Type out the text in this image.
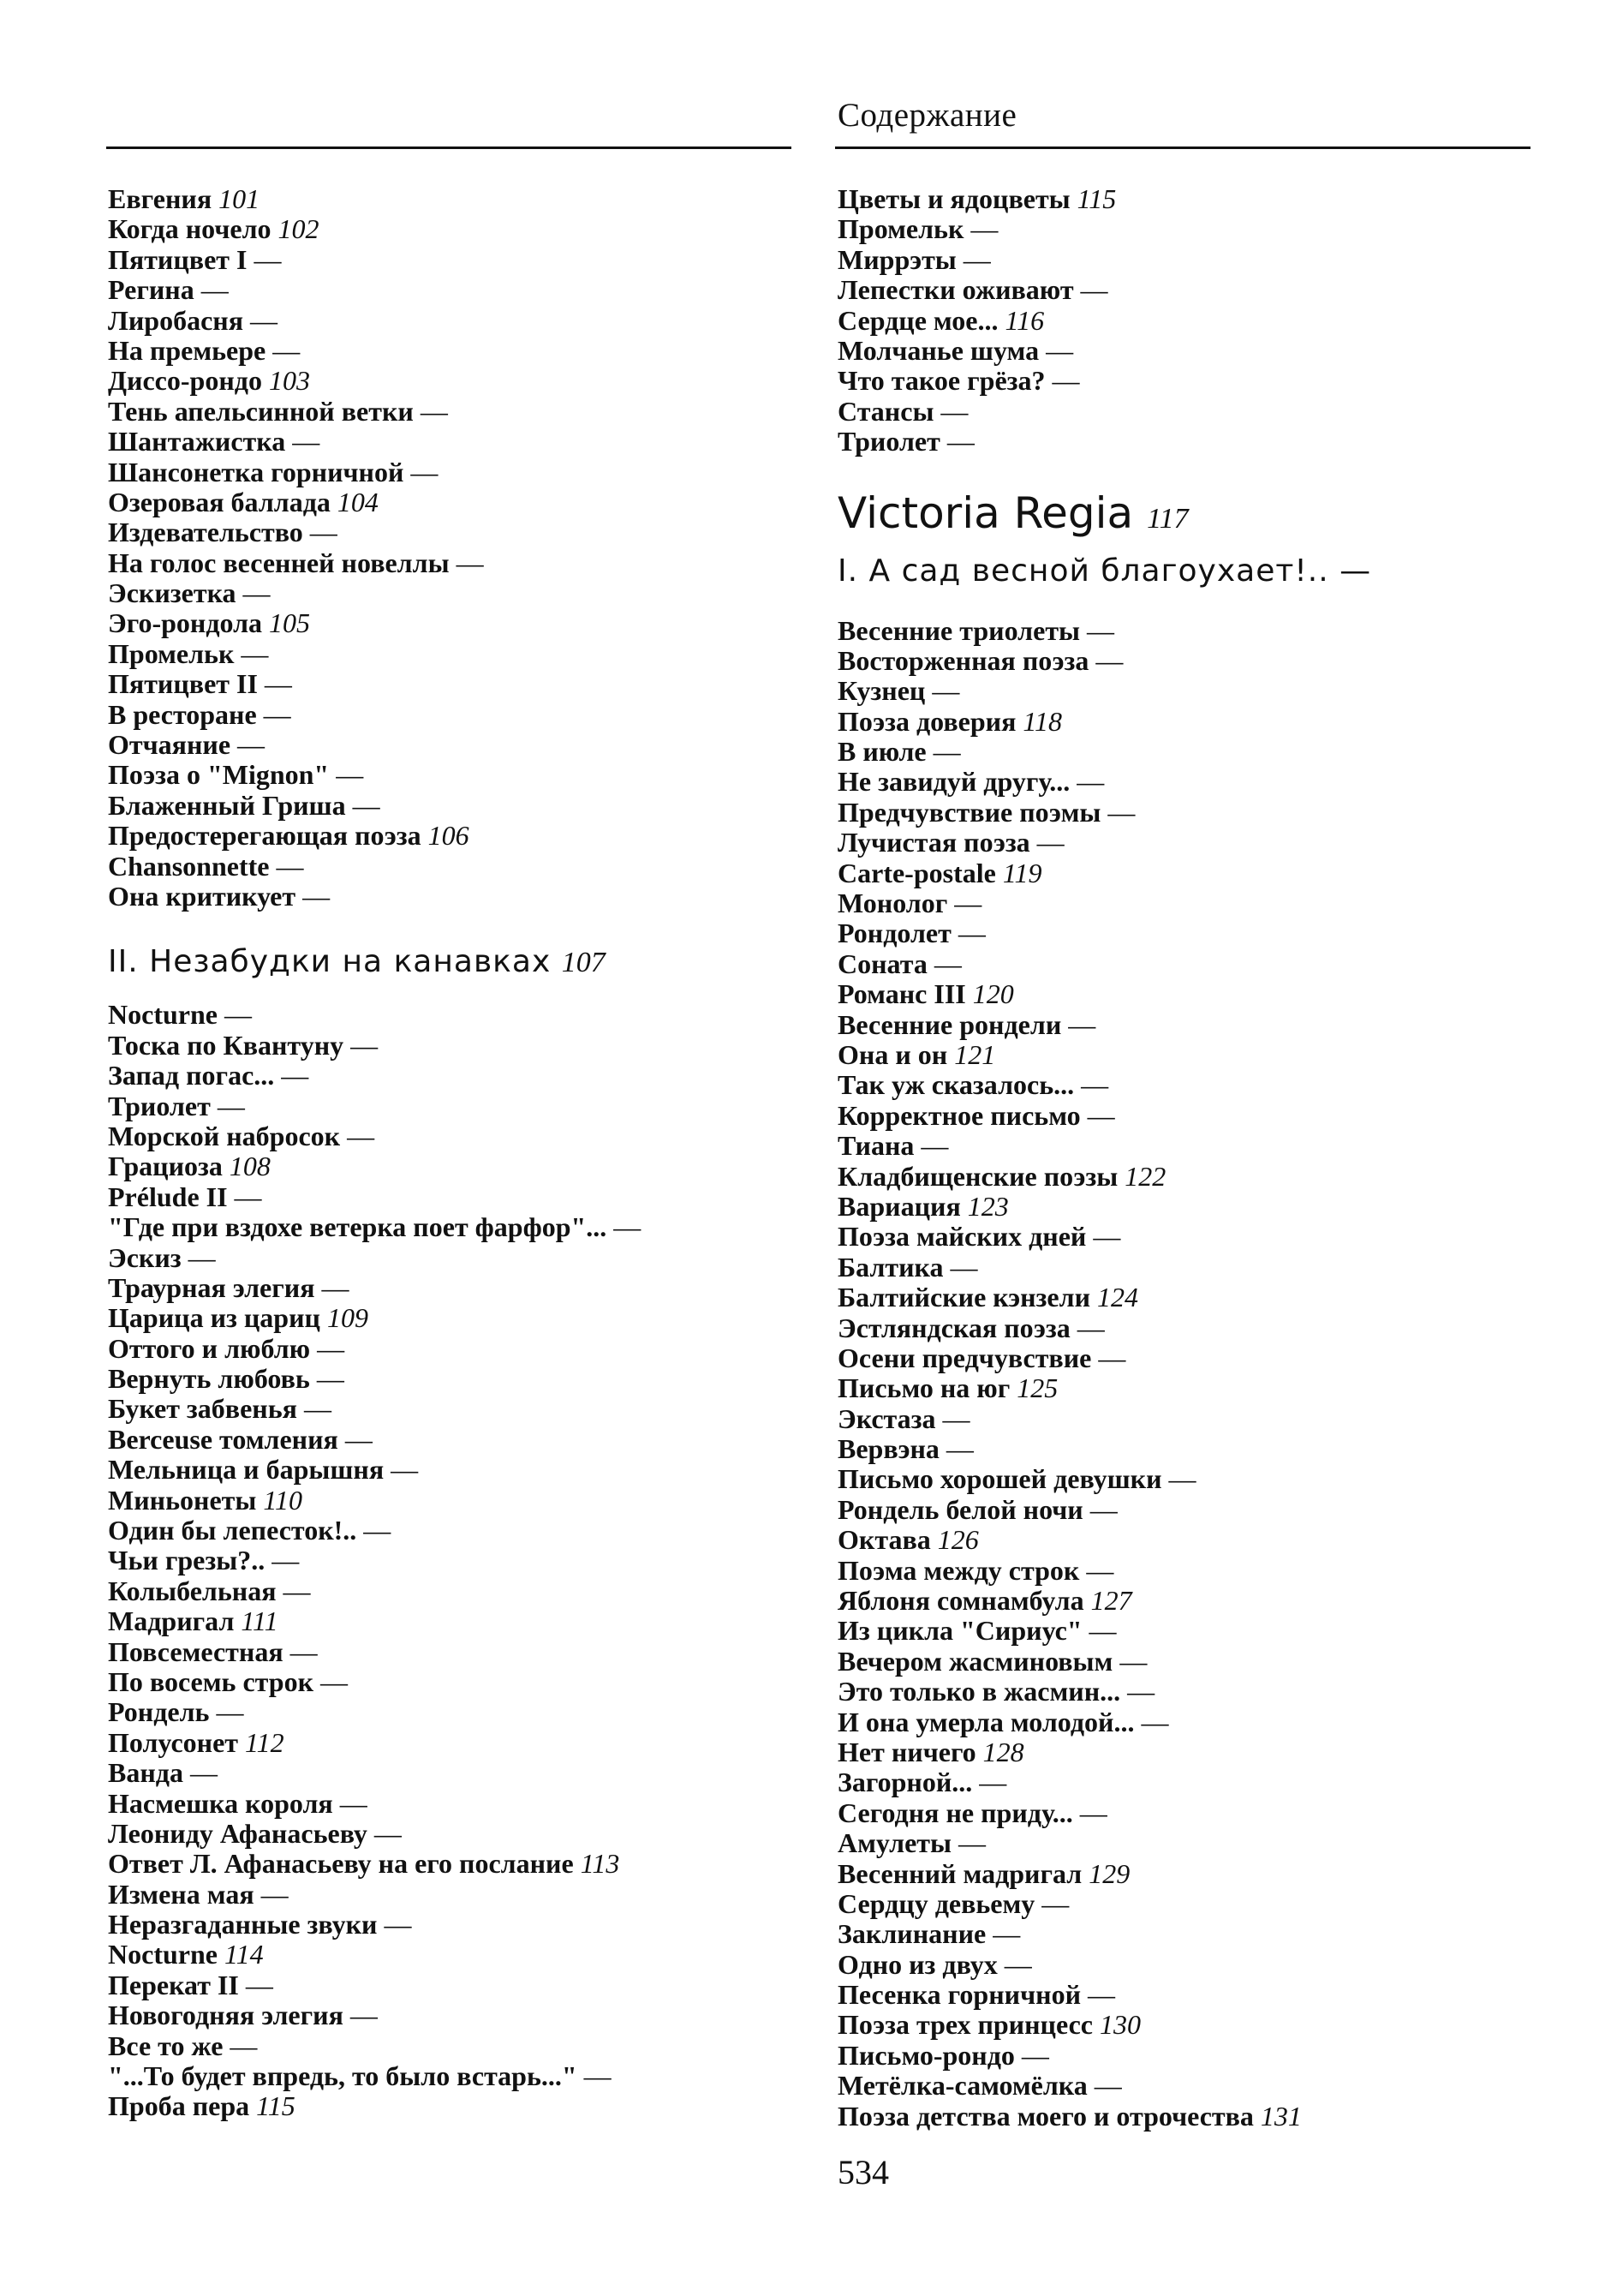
Содержание
Евгения 101
Когда ночело 102
Пятицвет I —
Регина —
Лиробасня —
На премьере —
Диссо-рондо 103
Тень апельсинной ветки —
Шантажистка —
Шансонетка горничной —
Озеровая баллада 104
Издевательство —
На голос весенней новеллы —
Эскизетка —
Эго-рондола 105
Промельк —
Пятицвет II —
В ресторане —
Отчаяние —
Поэза о "Mignon" —
Блаженный Гриша —
Предостерегающая поэза 106
Chansonnette —
Она критикует —
II. Незабудки на канавках 107
Nocturne —
Тоска по Квантуну —
Запад погас... —
Триолет —
Морской набросок —
Грациоза 108
Prélude II —
"Где при вздохе ветерка поет фарфор"... —
Эскиз —
Траурная элегия —
Царица из цариц 109
Оттого и люблю —
Вернуть любовь —
Букет забвенья —
Berceuse томления —
Мельница и барышня —
Миньонеты 110
Один бы лепесток!.. —
Чьи грезы?.. —
Колыбельная —
Мадригал 111
Повсеместная —
По восемь строк —
Рондель —
Полусонет 112
Ванда —
Насмешка короля —
Леониду Афанасьеву —
Ответ Л. Афанасьеву на его послание 113
Измена мая —
Неразгаданные звуки —
Nocturne 114
Перекат II —
Новогодняя элегия —
Все то же —
"...То будет впредь, то было встарь..." —
Проба пера 115
Цветы и ядоцветы 115
Промельк —
Миррэты —
Лепестки оживают —
Сердце мое... 116
Молчанье шума —
Что такое грёза? —
Стансы —
Триолет —
Victoria Regia 117
I. А сад весной благоухает!.. —
Весенние триолеты —
Восторженная поэза —
Кузнец —
Поэза доверия 118
В июле —
Не завидуй другу... —
Предчувствие поэмы —
Лучистая поэза —
Carte-postale 119
Монолог —
Рондолет —
Соната —
Романс III 120
Весенние рондели —
Она и он 121
Так уж сказалось... —
Корректное письмо —
Тиана —
Кладбищенские поэзы 122
Вариация 123
Поэза майских дней —
Балтика —
Балтийские кэнзели 124
Эстляндская поэза —
Осени предчувствие —
Письмо на юг 125
Экстаза —
Вервэна —
Письмо хорошей девушки —
Рондель белой ночи —
Октава 126
Поэма между строк —
Яблоня сомнамбула 127
Из цикла "Сириус" —
Вечером жасминовым —
Это только в жасмин... —
И она умерла молодой... —
Нет ничего 128
Загорной... —
Сегодня не приду... —
Амулеты —
Весенний мадригал 129
Сердцу девьему —
Заклинание —
Одно из двух —
Песенка горничной —
Поэза трех принцесс 130
Письмо-рондо —
Метёлка-самомёлка —
Поэза детства моего и отрочества 131
534
